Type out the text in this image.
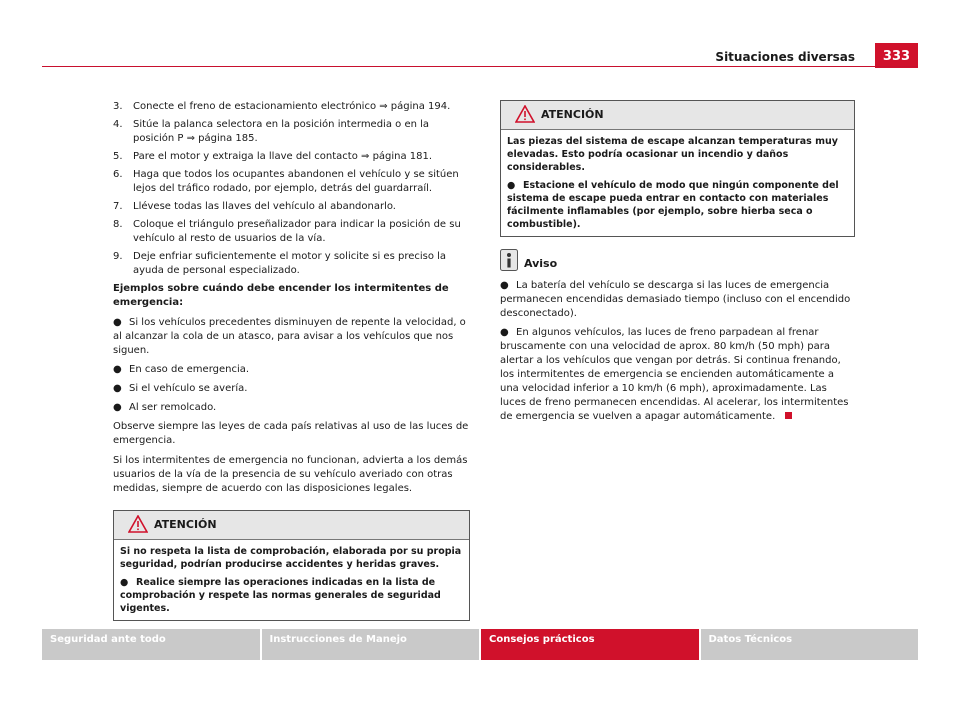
Situaciones diversas	333
3. Conecte el freno de estacionamiento electrónico ⇒ página 194.
4. Sitúe la palanca selectora en la posición intermedia o en la posición P ⇒ página 185.
5. Pare el motor y extraiga la llave del contacto ⇒ página 181.
6. Haga que todos los ocupantes abandonen el vehículo y se sitúen lejos del tráfico rodado, por ejemplo, detrás del guardarraíl.
7. Llévese todas las llaves del vehículo al abandonarlo.
8. Coloque el triángulo preseñalizador para indicar la posición de su vehículo al resto de usuarios de la vía.
9. Deje enfriar suficientemente el motor y solicite si es preciso la ayuda de personal especializado.

Ejemplos sobre cuándo debe encender los intermitentes de emergencia:

● Si los vehículos precedentes disminuyen de repente la velocidad, o al alcanzar la cola de un atasco, para avisar a los vehículos que nos siguen.
● En caso de emergencia.
● Si el vehículo se avería.
● Al ser remolcado.

Observe siempre las leyes de cada país relativas al uso de las luces de emergencia.

Si los intermitentes de emergencia no funcionan, advierta a los demás usuarios de la vía de la presencia de su vehículo averiado con otras medidas, siempre de acuerdo con las disposiciones legales.

ATENCIÓN

Si no respeta la lista de comprobación, elaborada por su propia seguridad, podrían producirse accidentes y heridas graves.

● Realice siempre las operaciones indicadas en la lista de comprobación y respete las normas generales de seguridad vigentes.

ATENCIÓN

Las piezas del sistema de escape alcanzan temperaturas muy elevadas. Esto podría ocasionar un incendio y daños considerables.

● Estacione el vehículo de modo que ningún componente del sistema de escape pueda entrar en contacto con materiales fácilmente inflamables (por ejemplo, sobre hierba seca o combustible).

Aviso
● La batería del vehículo se descarga si las luces de emergencia permanecen encendidas demasiado tiempo (incluso con el encendido desconectado).
● En algunos vehículos, las luces de freno parpadean al frenar bruscamente con una velocidad de aprox. 80 km/h (50 mph) para alertar a los vehículos que vengan por detrás. Si continua frenando, los intermitentes de emergencia se encienden automáticamente a una velocidad inferior a 10 km/h (6 mph), aproximadamente. Las luces de freno permanecen encendidas. Al acelerar, los intermitentes de emergencia se vuelven a apagar automáticamente.
Seguridad ante todo	Instrucciones de Manejo	Consejos prácticos	Datos Técnicos
